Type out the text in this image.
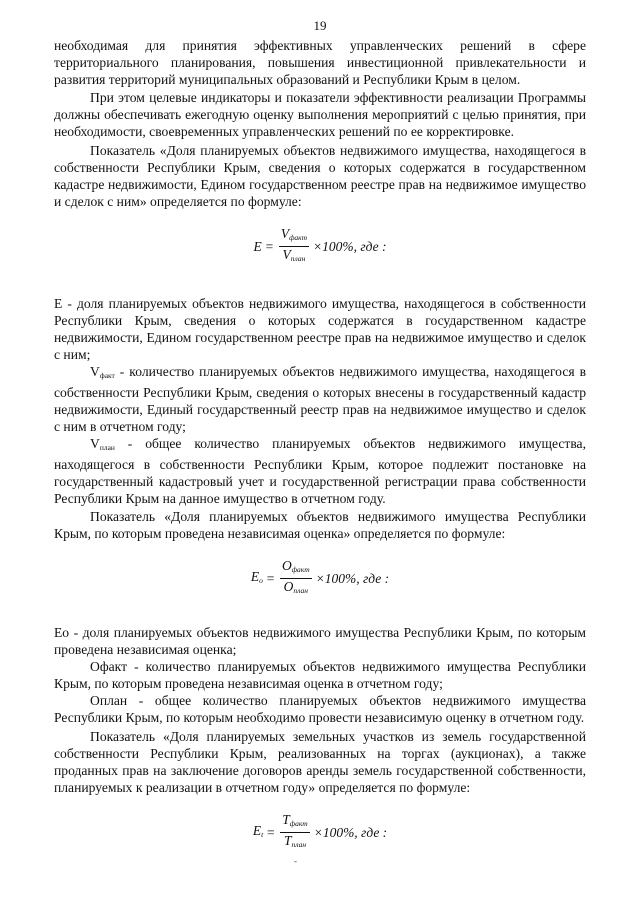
19

необходимая для принятия эффективных управленческих решений в сфере территориального планирования, повышения инвестиционной привлекательности и развития территорий муниципальных образований и Республики Крым в целом.

При этом целевые индикаторы и показатели эффективности реализации Программы должны обеспечивать ежегодную оценку выполнения мероприятий с целью принятия, при необходимости, своевременных управленческих решений по ее корректировке.

Показатель «Доля планируемых объектов недвижимого имущества, находящегося в собственности Республики Крым, сведения о которых содержатся в государственном кадастре недвижимости, Едином государственном реестре прав на недвижимое имущество и сделок с ним» определяется по формуле:

$E = \frac{V_{факт}}{V_{план}} \times 100\%$, где :

E - доля планируемых объектов недвижимого имущества, находящегося в собственности Республики Крым, сведения о которых содержатся в государственном кадастре недвижимости, Едином государственном реестре прав на недвижимое имущество и сделок с ним;

$V_{факт}$ - количество планируемых объектов недвижимого имущества, находящегося в собственности Республики Крым, сведения о которых внесены в государственный кадастр недвижимости, Единый государственный реестр прав на недвижимое имущество и сделок с ним в отчетном году;

$V_{план}$ - общее количество планируемых объектов недвижимого имущества, находящегося в собственности Республики Крым, которое подлежит постановке на государственный кадастровый учет и государственной регистрации права собственности Республики Крым на данное имущество в отчетном году.

Показатель «Доля планируемых объектов недвижимого имущества Республики Крым, по которым проведена независимая оценка» определяется по формуле:

$E_o = \frac{O_{факт}}{O_{план}} \times 100\%$, где :

Ео - доля планируемых объектов недвижимого имущества Республики Крым, по которым проведена независимая оценка;

Офакт - количество планируемых объектов недвижимого имущества Республики Крым, по которым проведена независимая оценка в отчетном году;

Оплан - общее количество планируемых объектов недвижимого имущества Республики Крым, по которым необходимо провести независимую оценку в отчетном году.

Показатель «Доля планируемых земельных участков из земель государственной собственности Республики Крым, реализованных на торгах (аукционах), а также проданных прав на заключение договоров аренды земель государственной собственности, планируемых к реализации в отчетном году» определяется по формуле:

$E_t = \frac{T_{факт}}{T_{план}} \times 100\%$, где :
-
